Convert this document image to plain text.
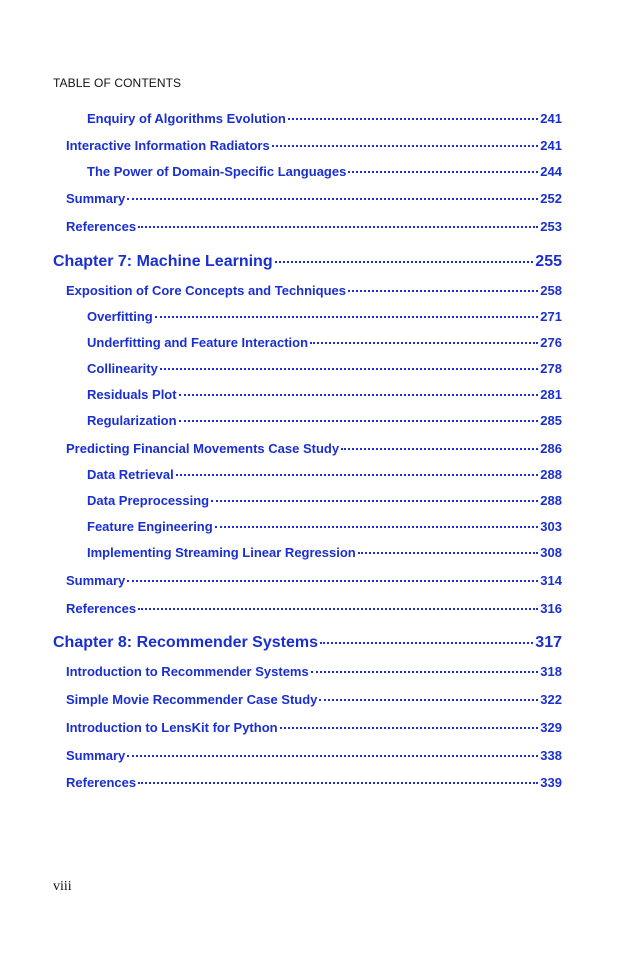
TABLE OF CONTENTS
Enquiry of Algorithms Evolution	241
Interactive Information Radiators	241
The Power of Domain-Specific Languages	244
Summary	252
References	253
Chapter 7: Machine Learning	255
Exposition of Core Concepts and Techniques	258
Overfitting	271
Underfitting and Feature Interaction	276
Collinearity	278
Residuals Plot	281
Regularization	285
Predicting Financial Movements Case Study	286
Data Retrieval	288
Data Preprocessing	288
Feature Engineering	303
Implementing Streaming Linear Regression	308
Summary	314
References	316
Chapter 8: Recommender Systems	317
Introduction to Recommender Systems	318
Simple Movie Recommender Case Study	322
Introduction to LensKit for Python	329
Summary	338
References	339
viii
